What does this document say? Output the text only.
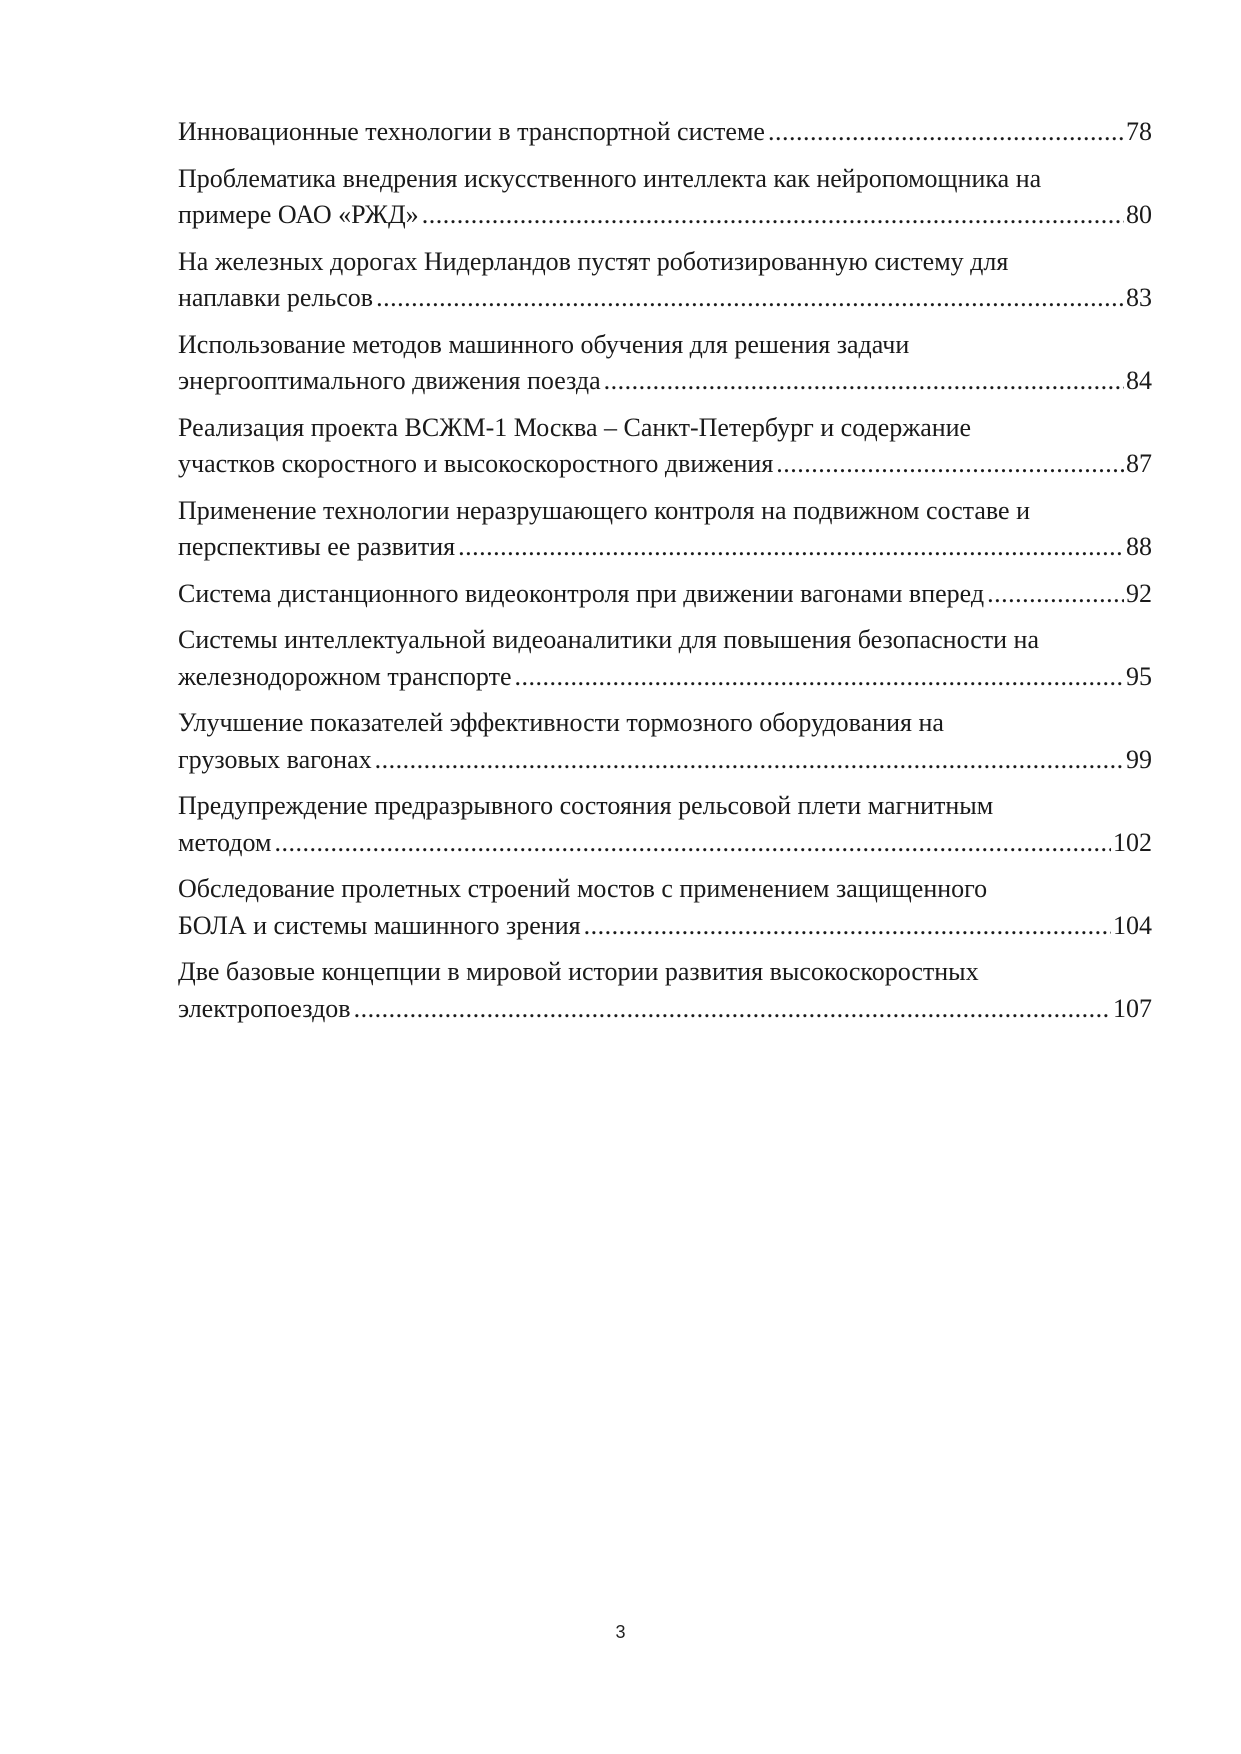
Инновационные технологии в транспортной системе .....	78
Проблематика внедрения искусственного интеллекта как нейропомощника на
примере ОАО «РЖД» .....	80
На железных дорогах Нидерландов пустят роботизированную систему для
наплавки рельсов .....	83
Использование методов машинного обучения для решения задачи
энергооптимального движения поезда .....	84
Реализация проекта ВСЖМ-1 Москва – Санкт-Петербург и содержание
участков скоростного и высокоскоростного движения .....	87
Применение технологии неразрушающего контроля на подвижном составе и
перспективы ее развития .....	88
Система дистанционного видеоконтроля при движении вагонами вперед .....	92
Системы интеллектуальной видеоаналитики для повышения безопасности на
железнодорожном транспорте .....	95
Улучшение показателей эффективности тормозного оборудования на
грузовых вагонах .....	99
Предупреждение предразрывного состояния рельсовой плети магнитным
методом .....	102
Обследование пролетных строений мостов с применением защищенного
БОЛА и системы машинного зрения .....	104
Две базовые концепции в мировой истории развития высокоскоростных
электропоездов .....	107
3
